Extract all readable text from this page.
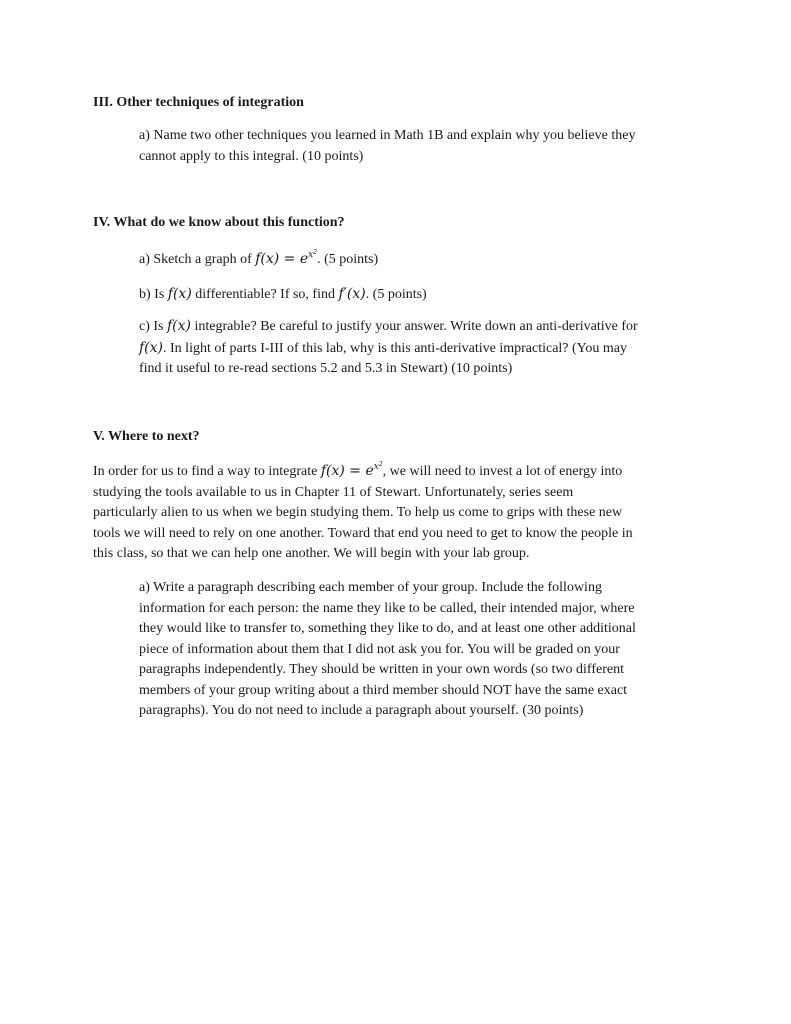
III. Other techniques of integration
a) Name two other techniques you learned in Math 1B and explain why you believe they
cannot apply to this integral. (10 points)
IV. What do we know about this function?
a) Sketch a graph of $f(x) = e^{x^2}$. (5 points)
b) Is f(x) differentiable? If so, find f′(x). (5 points)
c) Is f(x) integrable? Be careful to justify your answer. Write down an anti-derivative for
f(x). In light of parts I-III of this lab, why is this anti-derivative impractical? (You may
find it useful to re-read sections 5.2 and 5.3 in Stewart) (10 points)
V. Where to next?
In order for us to find a way to integrate $f(x) = e^{x^2}$, we will need to invest a lot of energy into
studying the tools available to us in Chapter 11 of Stewart. Unfortunately, series seem
particularly alien to us when we begin studying them. To help us come to grips with these new
tools we will need to rely on one another. Toward that end you need to get to know the people in
this class, so that we can help one another. We will begin with your lab group.
a) Write a paragraph describing each member of your group. Include the following
information for each person: the name they like to be called, their intended major, where
they would like to transfer to, something they like to do, and at least one other additional
piece of information about them that I did not ask you for. You will be graded on your
paragraphs independently. They should be written in your own words (so two different
members of your group writing about a third member should NOT have the same exact
paragraphs). You do not need to include a paragraph about yourself. (30 points)
